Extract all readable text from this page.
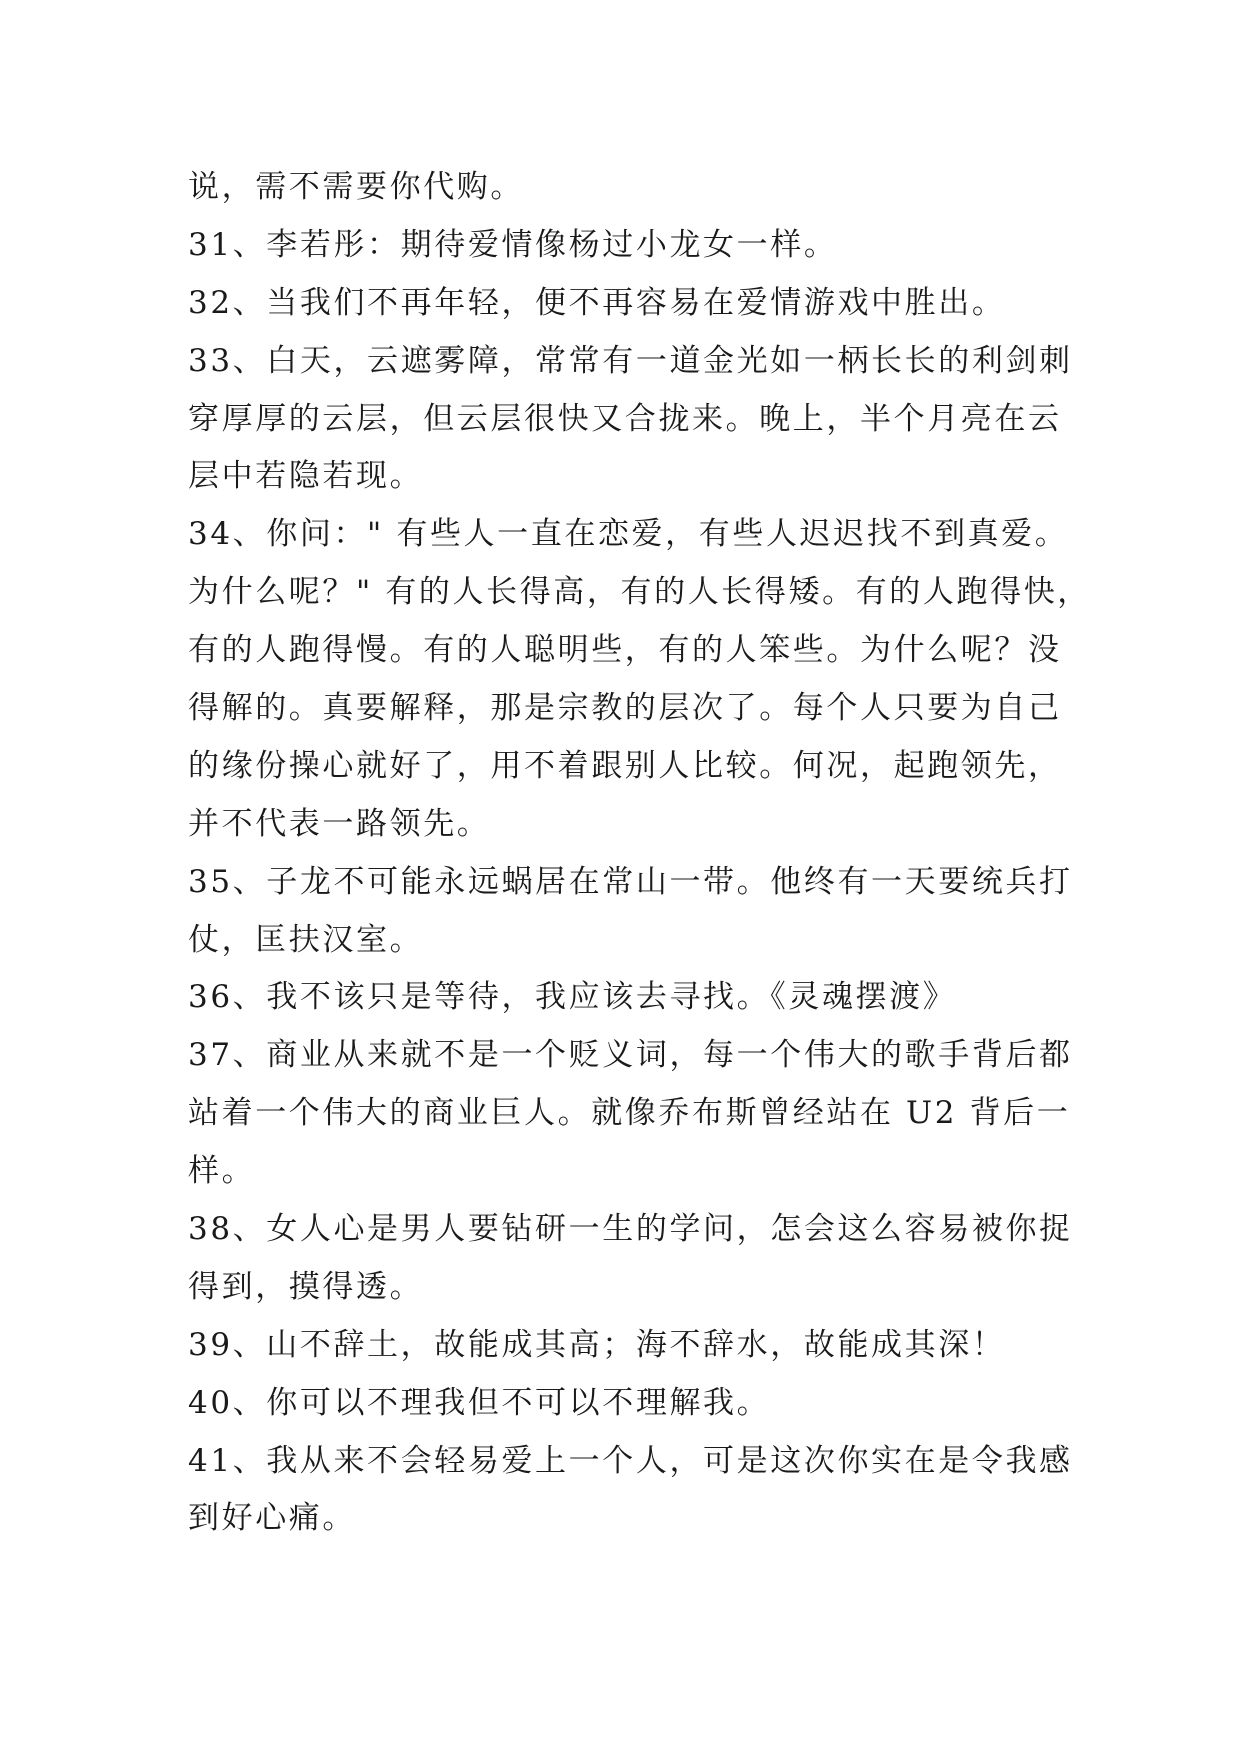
说，需不需要你代购。
31、李若彤：期待爱情像杨过小龙女一样。
32、当我们不再年轻，便不再容易在爱情游戏中胜出。
33、白天，云遮雾障，常常有一道金光如一柄长长的利剑刺
穿厚厚的云层，但云层很快又合拢来。晚上，半个月亮在云
层中若隐若现。
34、你问：" 有些人一直在恋爱，有些人迟迟找不到真爱。
为什么呢？" 有的人长得高，有的人长得矮。有的人跑得快，
有的人跑得慢。有的人聪明些，有的人笨些。为什么呢？没
得解的。真要解释，那是宗教的层次了。每个人只要为自己
的缘份操心就好了，用不着跟别人比较。何况，起跑领先，
并不代表一路领先。
35、子龙不可能永远蜗居在常山一带。他终有一天要统兵打
仗，匡扶汉室。
36、我不该只是等待，我应该去寻找。《灵魂摆渡》
37、商业从来就不是一个贬义词，每一个伟大的歌手背后都
站着一个伟大的商业巨人。就像乔布斯曾经站在 U2 背后一
样。
38、女人心是男人要钻研一生的学问，怎会这么容易被你捉
得到，摸得透。
39、山不辞土，故能成其高；海不辞水，故能成其深！
40、你可以不理我但不可以不理解我。
41、我从来不会轻易爱上一个人，可是这次你实在是令我感
到好心痛。
